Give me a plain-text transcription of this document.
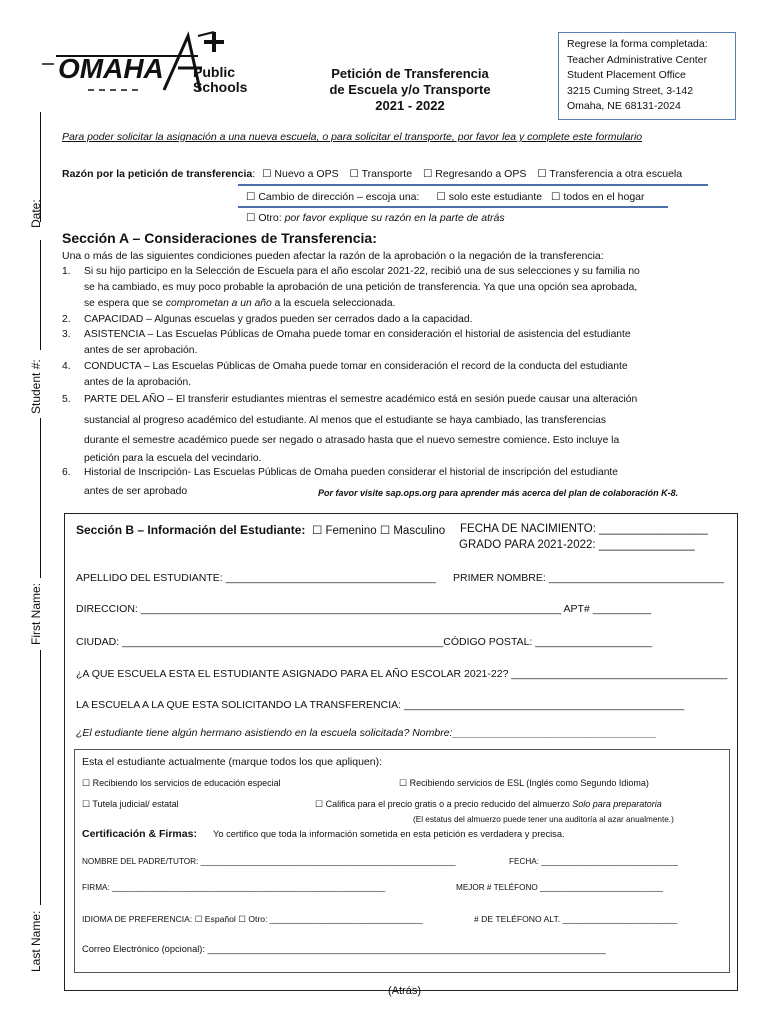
Date:
Student #:
First Name:
Last Name:
OMAHA Public
Schools
Petición de Transferencia
de Escuela y/o Transporte
2021 - 2022
Regrese la forma completada:
Teacher Administrative Center
Student Placement Office
3215 Cuming Street, 3-142
Omaha, NE 68131-2024
Para poder solicitar la asignación a una nueva escuela, o para solicitar el transporte, por favor lea y complete este formulario
Razón por la petición de transferencia: ☐ Nuevo a OPS ☐ Transporte ☐ Regresando a OPS ☐ Transferencia a otra escuela
☐ Cambio de dirección – escoja una: ☐ solo este estudiante ☐ todos en el hogar
☐ Otro: por favor explique su razón en la parte de atrás
Sección A – Consideraciones de Transferencia:
Una o más de las siguientes condiciones pueden afectar la razón de la aprobación o la negación de la transferencia:
1. Si su hijo participo en la Selección de Escuela para el año escolar 2021-22, recibió una de sus selecciones y su familia no
se ha cambiado, es muy poco probable la aprobación de una petición de transferencia. Ya que una opción sea aprobada,
se espera que se comprometan a un año a la escuela seleccionada.
2. CAPACIDAD – Algunas escuelas y grados pueden ser cerrados dado a la capacidad.
3. ASISTENCIA – Las Escuelas Públicas de Omaha puede tomar en consideración el historial de asistencia del estudiante
antes de ser aprobación.
4. CONDUCTA – Las Escuelas Públicas de Omaha puede tomar en consideración el record de la conducta del estudiante
antes de la aprobación.
5. PARTE DEL AÑO – El transferir estudiantes mientras el semestre académico está en sesión puede causar una alteración
sustancial al progreso académico del estudiante. Al menos que el estudiante se haya cambiado, las transferencias
durante el semestre académico puede ser negado o atrasado hasta que el nuevo semestre comience. Esto incluye la
petición para la escuela del vecindario.
6. Historial de Inscripción- Las Escuelas Públicas de Omaha pueden considerar el historial de inscripción del estudiante
antes de ser aprobado	Por favor visite sap.ops.org para aprender más acerca del plan de colaboración K-8.
Sección B – Información del Estudiante: ☐ Femenino ☐ Masculino FECHA DE NACIMIENTO: _________________
GRADO PARA 2021-2022: _______________
APELLIDO DEL ESTUDIANTE: ____________________________________ PRIMER NOMBRE: ______________________________
DIRECCION: ________________________________________________________________________ APT# __________
CIUDAD: _______________________________________________________CÓDIGO POSTAL: ____________________
¿A QUE ESCUELA ESTA EL ESTUDIANTE ASIGNADO PARA EL AÑO ESCOLAR 2021-22? _____________________________________
LA ESCUELA A LA QUE ESTA SOLICITANDO LA TRANSFERENCIA: ________________________________________________
¿El estudiante tiene algún hermano asistiendo en la escuela solicitada? Nombre:___________________________________
Esta el estudiante actualmente (marque todos los que apliquen):
☐ Recibiendo los servicios de educación especial	☐ Recibiendo servicios de ESL (Inglés como Segundo Idioma)
☐ Tutela judicial/ estatal	☐ Califica para el precio gratis o a precio reducido del almuerzo Solo para preparatoria
(El estatus del almuerzo puede tener una auditoría al azar anualmente.)
Certificación & Firmas: Yo certifico que toda la información sometida en esta petición es verdadera y precisa.
NOMBRE DEL PADRE/TUTOR: ________________________________________________________	FECHA: ______________________________
FIRMA: ____________________________________________________________	MEJOR # TELÉFONO ___________________________
IDIOMA DE PREFERENCIA: ☐ Español ☐ Otro: ________________________________	# DE TELÉFONO ALT. ________________________
Correo Electrónico (opcional): _____________________________________________________________________________
(Atrás)
